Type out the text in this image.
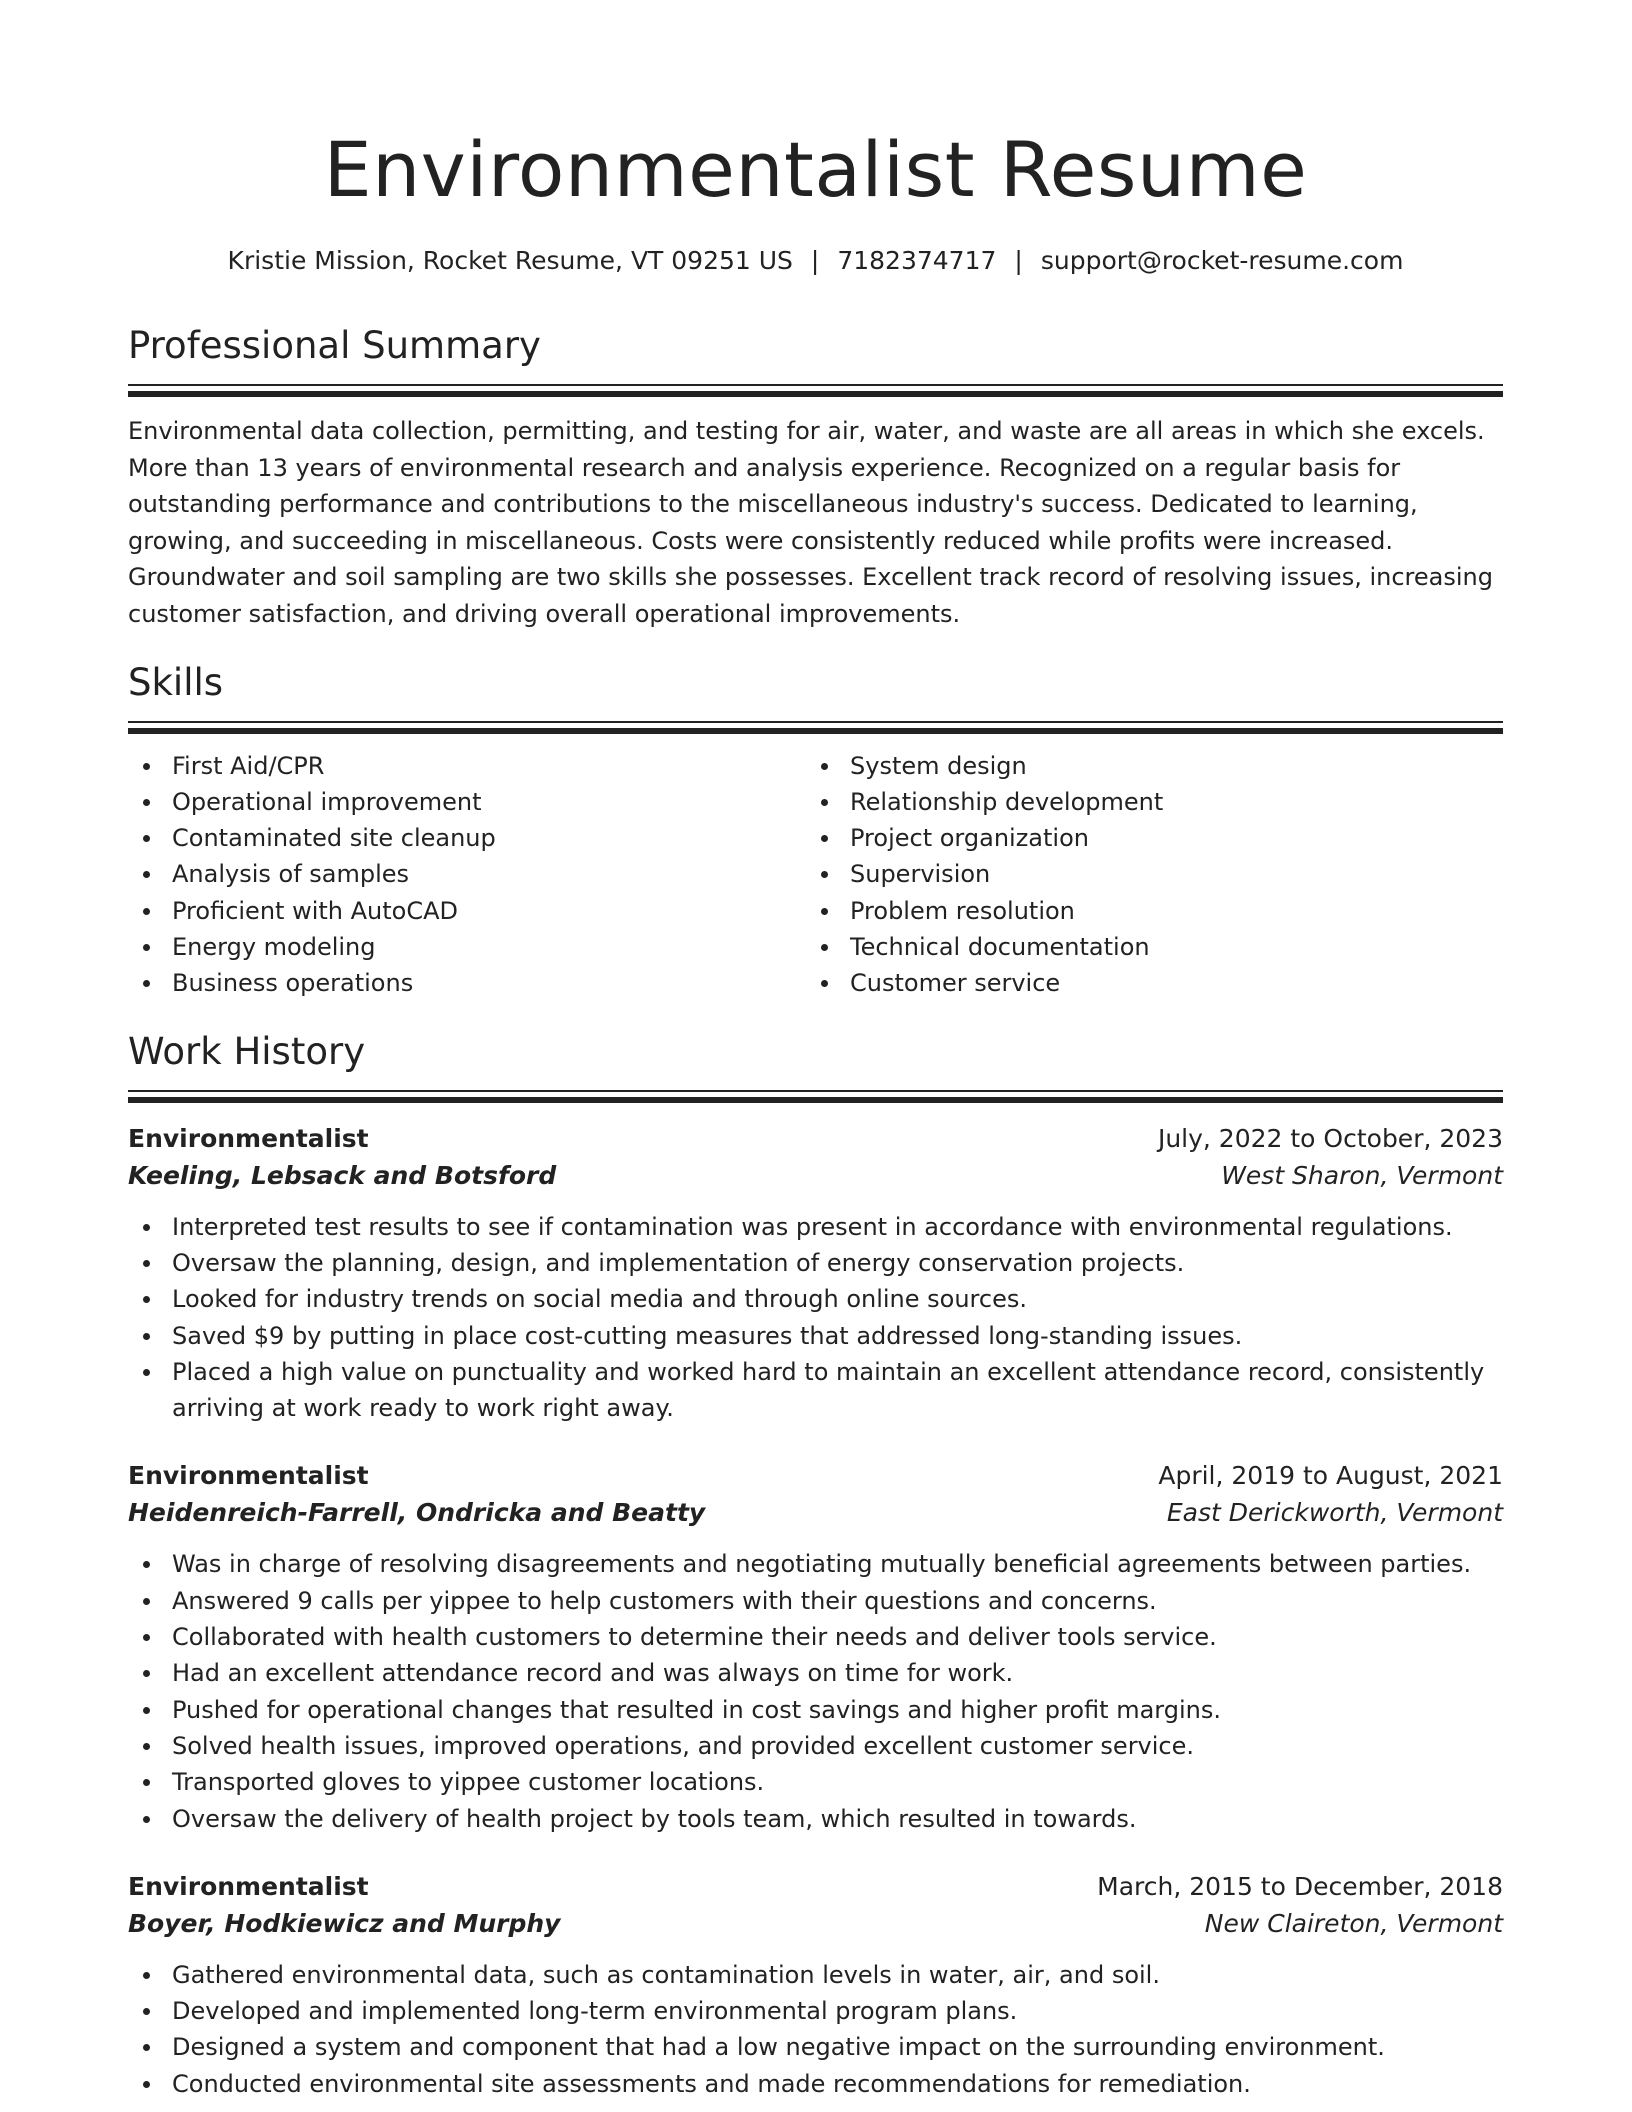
Environmentalist Resume
Kristie Mission, Rocket Resume, VT 09251 US | 7182374717 | support@rocket-resume.com
Professional Summary

Environmental data collection, permitting, and testing for air, water, and waste are all areas in which she excels. More than 13 years of environmental research and analysis experience. Recognized on a regular basis for outstanding performance and contributions to the miscellaneous industry's success. Dedicated to learning, growing, and succeeding in miscellaneous. Costs were consistently reduced while profits were increased. Groundwater and soil sampling are two skills she possesses. Excellent track record of resolving issues, increasing customer satisfaction, and driving overall operational improvements.

Skills
First Aid/CPR
Operational improvement
Contaminated site cleanup
Analysis of samples
Proficient with AutoCAD
Energy modeling
Business operations
System design
Relationship development
Project organization
Supervision
Problem resolution
Technical documentation
Customer service
Work History
Environmentalist	July, 2022 to October, 2023
Keeling, Lebsack and Botsford	West Sharon, Vermont
Interpreted test results to see if contamination was present in accordance with environmental regulations.
Oversaw the planning, design, and implementation of energy conservation projects.
Looked for industry trends on social media and through online sources.
Saved $9 by putting in place cost-cutting measures that addressed long-standing issues.
Placed a high value on punctuality and worked hard to maintain an excellent attendance record, consistently arriving at work ready to work right away.
Environmentalist	April, 2019 to August, 2021
Heidenreich-Farrell, Ondricka and Beatty	East Derickworth, Vermont
Was in charge of resolving disagreements and negotiating mutually beneficial agreements between parties.
Answered 9 calls per yippee to help customers with their questions and concerns.
Collaborated with health customers to determine their needs and deliver tools service.
Had an excellent attendance record and was always on time for work.
Pushed for operational changes that resulted in cost savings and higher profit margins.
Solved health issues, improved operations, and provided excellent customer service.
Transported gloves to yippee customer locations.
Oversaw the delivery of health project by tools team, which resulted in towards.
Environmentalist	March, 2015 to December, 2018
Boyer, Hodkiewicz and Murphy	New Claireton, Vermont
Gathered environmental data, such as contamination levels in water, air, and soil.
Developed and implemented long-term environmental program plans.
Designed a system and component that had a low negative impact on the surrounding environment.
Conducted environmental site assessments and made recommendations for remediation.
